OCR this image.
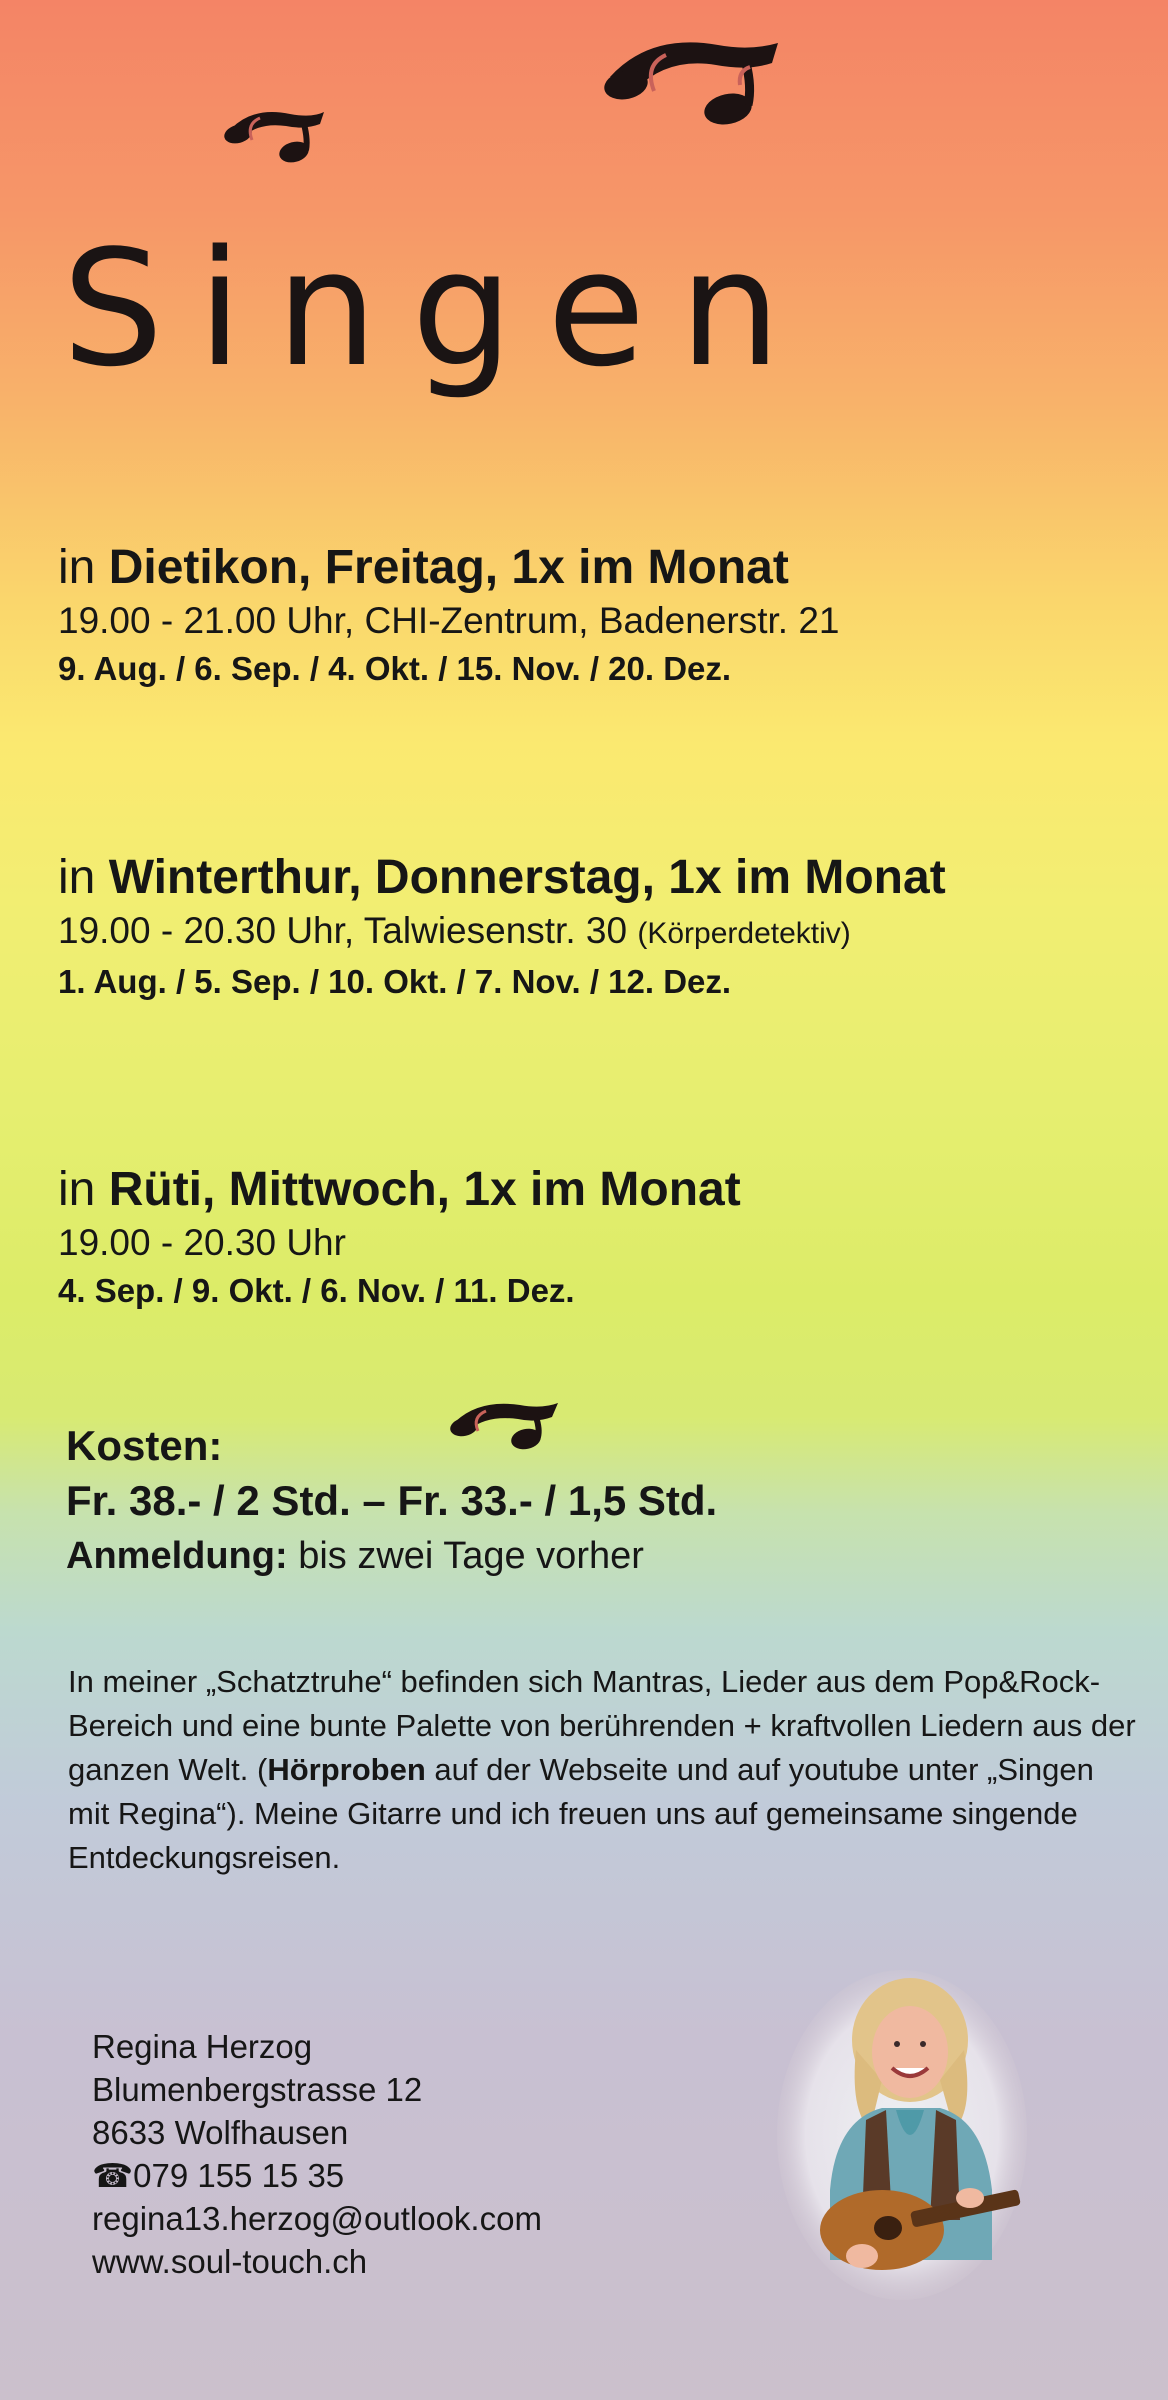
Singen
in Dietikon, Freitag, 1x im Monat
19.00 - 21.00 Uhr, CHI-Zentrum, Badenerstr. 21
9. Aug. / 6. Sep. / 4. Okt. / 15. Nov. / 20. Dez.
in Winterthur, Donnerstag, 1x im Monat
19.00 - 20.30 Uhr, Talwiesenstr. 30 (Körperdetektiv)
1. Aug. / 5. Sep. / 10. Okt. / 7. Nov. / 12. Dez.
in Rüti, Mittwoch, 1x im Monat
19.00 - 20.30 Uhr
4. Sep. / 9. Okt. / 6. Nov. / 11. Dez.
Kosten:
Fr. 38.- / 2 Std. – Fr. 33.- / 1,5 Std.
Anmeldung: bis zwei Tage vorher

In meiner „Schatztruhe“ befinden sich Mantras, Lieder aus dem Pop&Rock-Bereich und eine bunte Palette von berührenden + kraftvollen Liedern aus der ganzen Welt. (Hörproben auf der Webseite und auf youtube unter „Singen mit Regina“). Meine Gitarre und ich freuen uns auf gemeinsame singende Entdeckungsreisen.

Regina Herzog
Blumenbergstrasse 12
8633 Wolfhausen
☎079 155 15 35
regina13.herzog@outlook.com
www.soul-touch.ch
